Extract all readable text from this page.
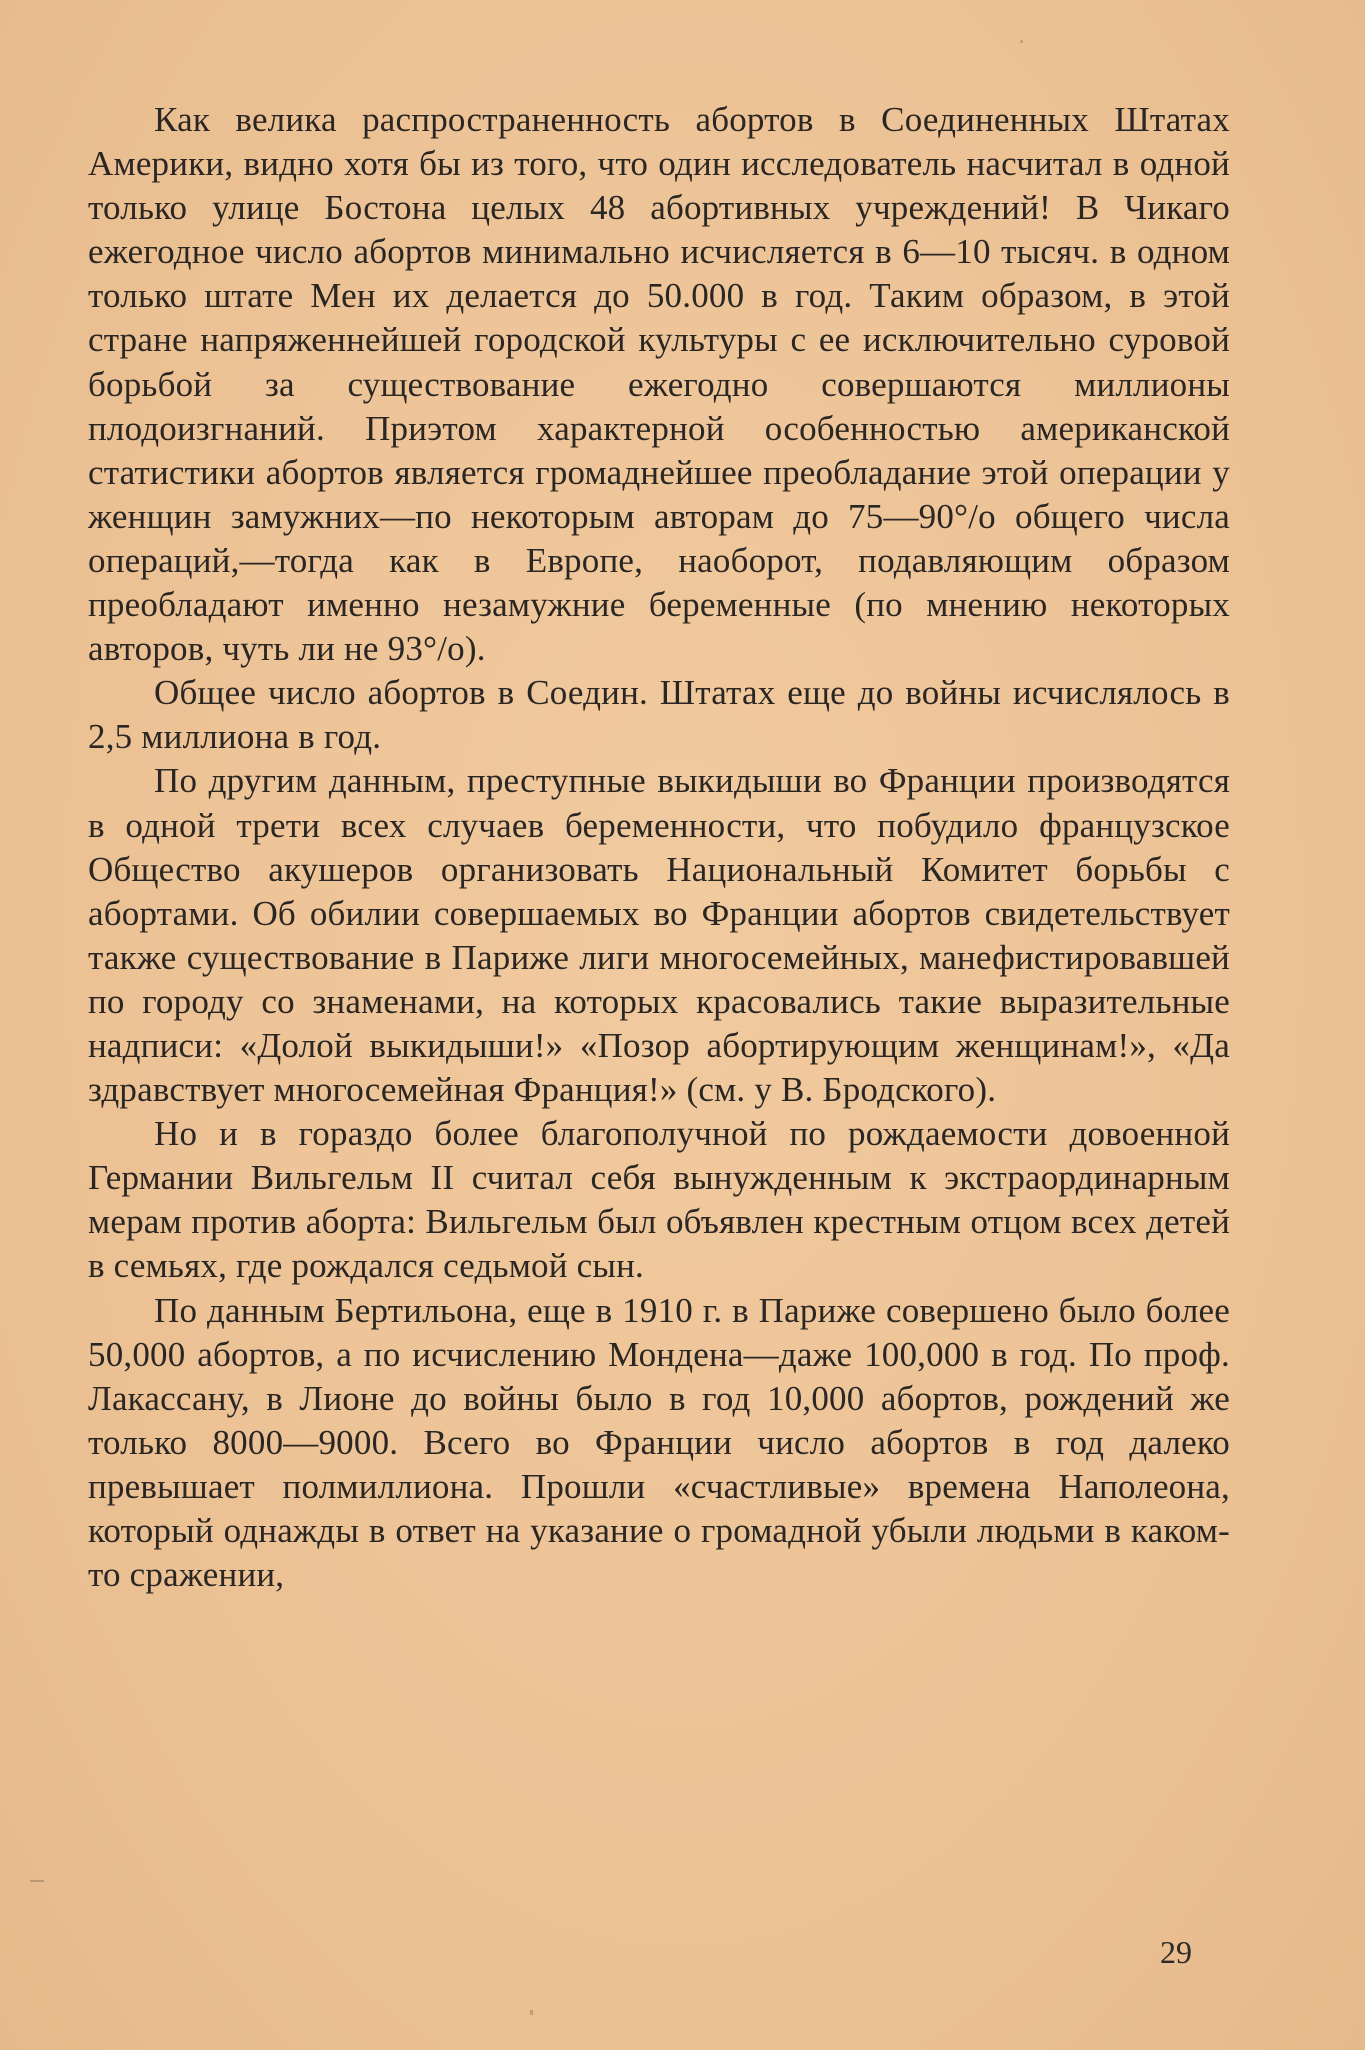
Как велика распространенность абортов в Соединенных Штатах Америки, видно хотя бы из того, что один исследователь насчитал в одной только улице Бостона целых 48 абортивных учреждений! В Чикаго ежегодное число абортов минимально исчисляется в 6—10 тысяч. в одном только штате Мен их делается до 50.000 в год. Таким образом, в этой стране напряженнейшей городской культуры с ее исключительно суровой борьбой за существование ежегодно совершаются миллионы плодоизгнаний. Приэтом характерной особенностью американской статистики абортов является громаднейшее преобладание этой операции у женщин замужних—по некоторым авторам до 75—90°/о общего числа операций,—тогда как в Европе, наоборот, подавляющим образом преобладают именно незамужние беременные (по мнению некоторых авторов, чуть ли не 93°/o).

Общее число абортов в Соедин. Штатах еще до войны исчислялось в 2,5 миллиона в год.

По другим данным, преступные выкидыши во Франции производятся в одной трети всех случаев беременности, что побудило французское Общество акушеров организовать Национальный Комитет борьбы с абортами. Об обилии совершаемых во Франции абортов свидетельствует также существование в Париже лиги многосемейных, манефистировавшей по городу со знаменами, на которых красовались такие выразительные надписи: «Долой выкидыши!» «Позор абортирующим женщинам!», «Да здравствует многосемейная Франция!» (см. у В. Бродского).

Но и в гораздо более благополучной по рождаемости довоенной Германии Вильгельм II считал себя вынужденным к экстраординарным мерам против аборта: Вильгельм был объявлен крестным отцом всех детей в семьях, где рождался седьмой сын.

По данным Бертильона, еще в 1910 г. в Париже совершено было более 50,000 абортов, а по исчислению Мондена—даже 100,000 в год. По проф. Лакассану, в Лионе до войны было в год 10,000 абортов, рождений же только 8000—9000. Всего во Франции число абортов в год далеко превышает полмиллиона. Прошли «счастливые» времена Наполеона, который однажды в ответ на указание о громадной убыли людьми в каком-то сражении,

29
